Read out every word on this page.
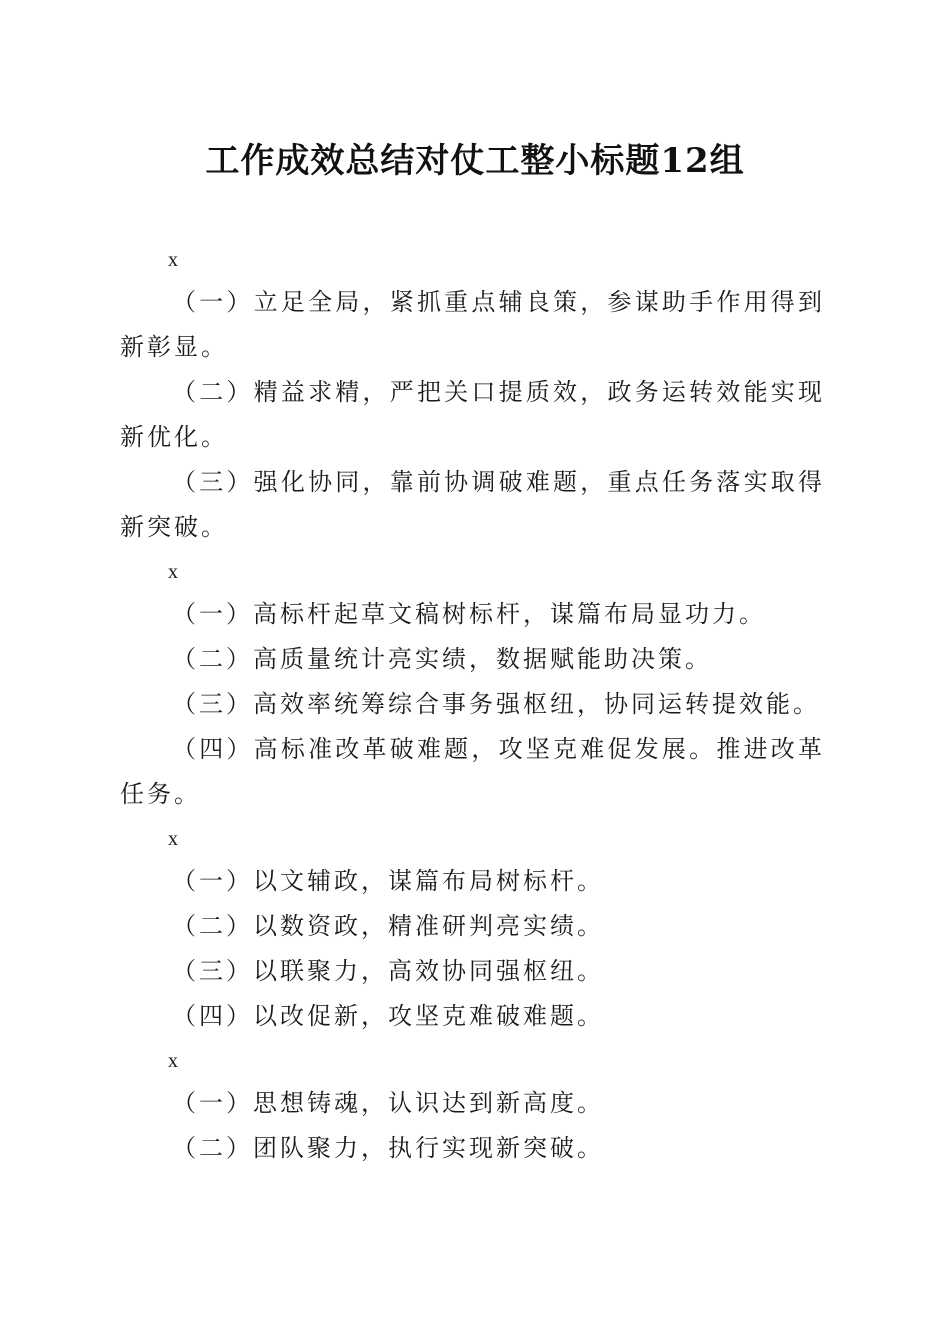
工作成效总结对仗工整小标题12组
x
（一）立足全局，紧抓重点辅良策，参谋助手作用得到新彰显。
（二）精益求精，严把关口提质效，政务运转效能实现新优化。
（三）强化协同，靠前协调破难题，重点任务落实取得新突破。
x
（一）高标杆起草文稿树标杆，谋篇布局显功力。
（二）高质量统计亮实绩，数据赋能助决策。
（三）高效率统筹综合事务强枢纽，协同运转提效能。
（四）高标准改革破难题，攻坚克难促发展。推进改革任务。
x
（一）以文辅政，谋篇布局树标杆。
（二）以数资政，精准研判亮实绩。
（三）以联聚力，高效协同强枢纽。
（四）以改促新，攻坚克难破难题。
x
（一）思想铸魂，认识达到新高度。
（二）团队聚力，执行实现新突破。
